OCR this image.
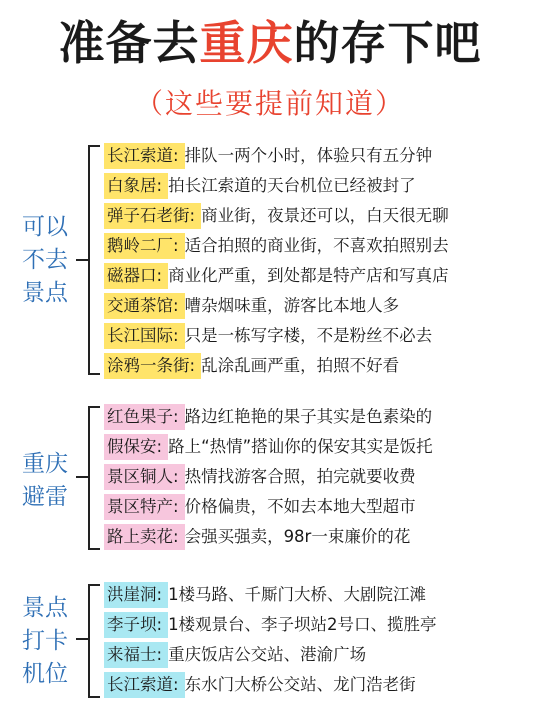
准备去重庆的存下吧
（这些要提前知道）
可以
不去
景点
长江索道: 排队一两个小时，体验只有五分钟
白象居: 拍长江索道的天台机位已经被封了
弹子石老街: 商业街，夜景还可以，白天很无聊
鹅岭二厂: 适合拍照的商业街，不喜欢拍照别去
磁器口: 商业化严重，到处都是特产店和写真店
交通茶馆: 嘈杂烟味重，游客比本地人多
长江国际: 只是一栋写字楼，不是粉丝不必去
涂鸦一条街: 乱涂乱画严重，拍照不好看
重庆
避雷
红色果子: 路边红艳艳的果子其实是色素染的
假保安: 路上“热情”搭讪你的保安其实是饭托
景区铜人: 热情找游客合照，拍完就要收费
景区特产: 价格偏贵，不如去本地大型超市
路上卖花: 会强买强卖，98r一束廉价的花
景点
打卡
机位
洪崖洞: 1楼马路、千厮门大桥、大剧院江滩
李子坝: 1楼观景台、李子坝站2号口、揽胜亭
来福士: 重庆饭店公交站、港渝广场
长江索道: 东水门大桥公交站、龙门浩老街
